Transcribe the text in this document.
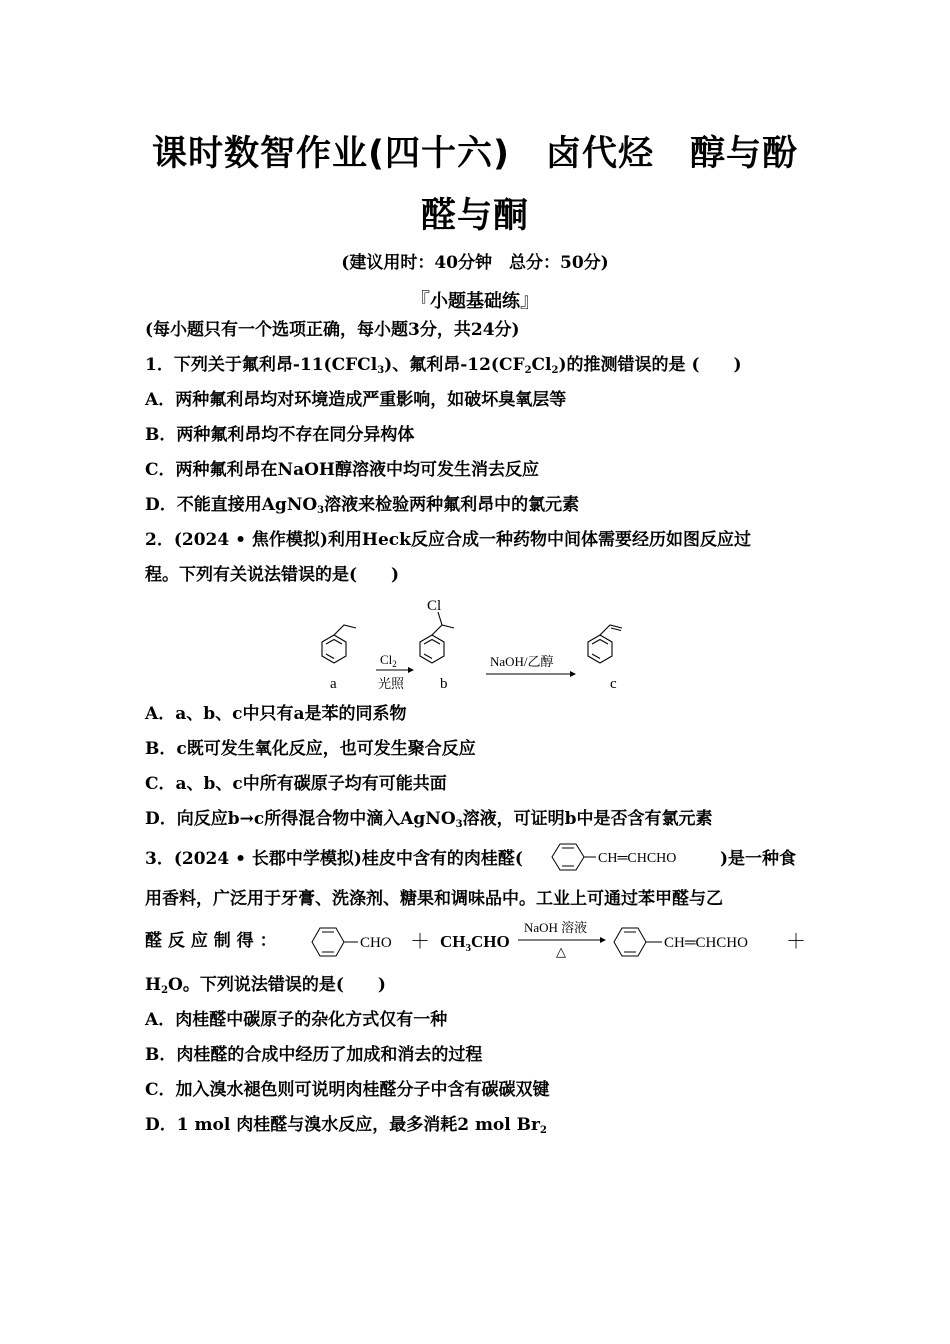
课时数智作业(四十六)　卤代烃　醇与酚
醛与酮
(建议用时：40分钟　总分：50分)
『小题基础练』
(每小题只有一个选项正确，每小题3分，共24分)
1．下列关于氟利昂-11(CFCl$_3$)、氟利昂$-12(CF_2Cl_2)$的推测错误的是 (　　)
A．两种氟利昂均对环境造成严重影响，如破坏臭氧层等
B．两种氟利昂均不存在同分异构体
C．两种氟利昂在NaOH醇溶液中均可发生消去反应
D．不能直接用AgNO$_3$溶液来检验两种氟利昂中的氯元素
2．(2024 • 焦作模拟)利用Heck反应合成一种药物中间体需要经历如图反应过
程。下列有关说法错误的是(　　)
a
$Cl_2$
光照
Cl
b
NaOH/乙醇
c
A．a、b、c中只有a是苯的同系物
B．c既可发生氧化反应，也可发生聚合反应
C．a、b、c中所有碳原子均有可能共面
D．向反应b→c所得混合物中滴入AgNO$_3$溶液，可证明b中是否含有氯元素
3．(2024 • 长郡中学模拟)桂皮中含有的肉桂醛(	CH═CHCHO	)是一种食
用香料，广泛用于牙膏、洗涤剂、糖果和调味品中。工业上可通过苯甲醛与乙
醛 反 应 制 得 ：	CHO ＋ $CH_3CHO$
NaOH 溶液
△
CH═CHCHO ＋
$H_2O$。下列说法错误的是(　　)
A．肉桂醛中碳原子的杂化方式仅有一种
B．肉桂醛的合成中经历了加成和消去的过程
C．加入溴水褪色则可说明肉桂醛分子中含有碳碳双键
D．1 mol 肉桂醛与溴水反应，最多消耗2 mol $Br_2$
